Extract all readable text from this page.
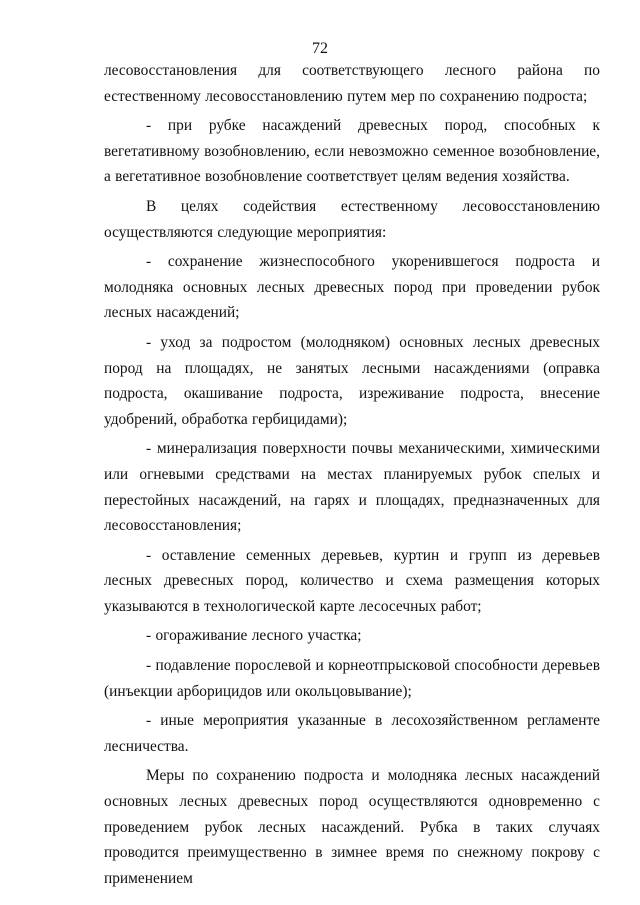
72

лесовосстановления для соответствующего лесного района по естественному лесовосстановлению путем мер по сохранению подроста;

- при рубке насаждений древесных пород, способных к вегетативному возобновлению, если невозможно семенное возобновление, а вегетативное возобновление соответствует целям ведения хозяйства.

В целях содействия естественному лесовосстановлению осуществляются следующие мероприятия:

- сохранение жизнеспособного укоренившегося подроста и молодняка основных лесных древесных пород при проведении рубок лесных насаждений;

- уход за подростом (молодняком) основных лесных древесных пород на площадях, не занятых лесными насаждениями (оправка подроста, окашивание подроста, изреживание подроста, внесение удобрений, обработка гербицидами);

- минерализация поверхности почвы механическими, химическими или огневыми средствами на местах планируемых рубок спелых и перестойных насаждений, на гарях и площадях, предназначенных для лесовосстановления;

- оставление семенных деревьев, куртин и групп из деревьев лесных древесных пород, количество и схема размещения которых указываются в технологической карте лесосечных работ;

- огораживание лесного участка;

- подавление порослевой и корнеотпрысковой способности деревьев (инъекции арборицидов или окольцовывание);

- иные мероприятия указанные в лесохозяйственном регламенте лесничества.

Меры по сохранению подроста и молодняка лесных насаждений основных лесных древесных пород осуществляются одновременно с проведением рубок лесных насаждений. Рубка в таких случаях проводится преимущественно в зимнее время по снежному покрову с применением
